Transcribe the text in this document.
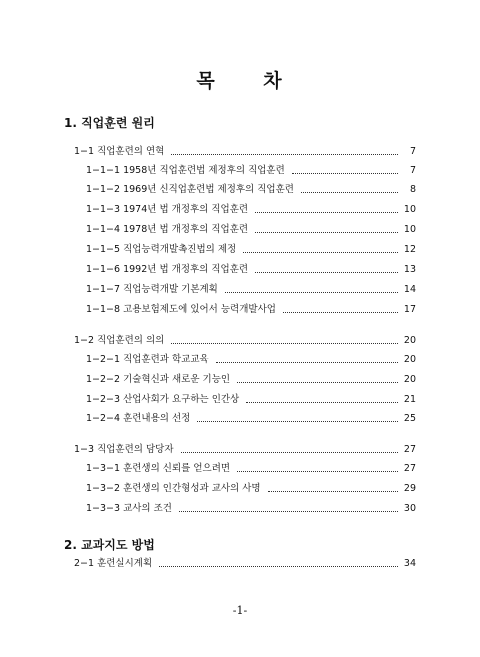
목 차
1. 직업훈련 원리
1−1 직업훈련의 연혁	7
1−1−1 1958년 직업훈련법 제정후의 직업훈련	7
1−1−2 1969년 신직업훈련법 제정후의 직업훈련	8
1−1−3 1974년 법 개정후의 직업훈련	10
1−1−4 1978년 법 개정후의 직업훈련	10
1−1−5 직업능력개발촉진법의 제정	12
1−1−6 1992년 법 개정후의 직업훈련	13
1−1−7 직업능력개발 기본계획	14
1−1−8 고용보험제도에 있어서 능력개발사업	17
1−2 직업훈련의 의의	20
1−2−1 직업훈련과 학교교육	20
1−2−2 기술혁신과 새로운 기능인	20
1−2−3 산업사회가 요구하는 인간상	21
1−2−4 훈련내용의 선정	25
1−3 직업훈련의 담당자	27
1−3−1 훈련생의 신뢰를 얻으려면	27
1−3−2 훈련생의 인간형성과 교사의 사명	29
1−3−3 교사의 조건	30
2. 교과지도 방법
2−1 훈련실시계획	34
-1-
